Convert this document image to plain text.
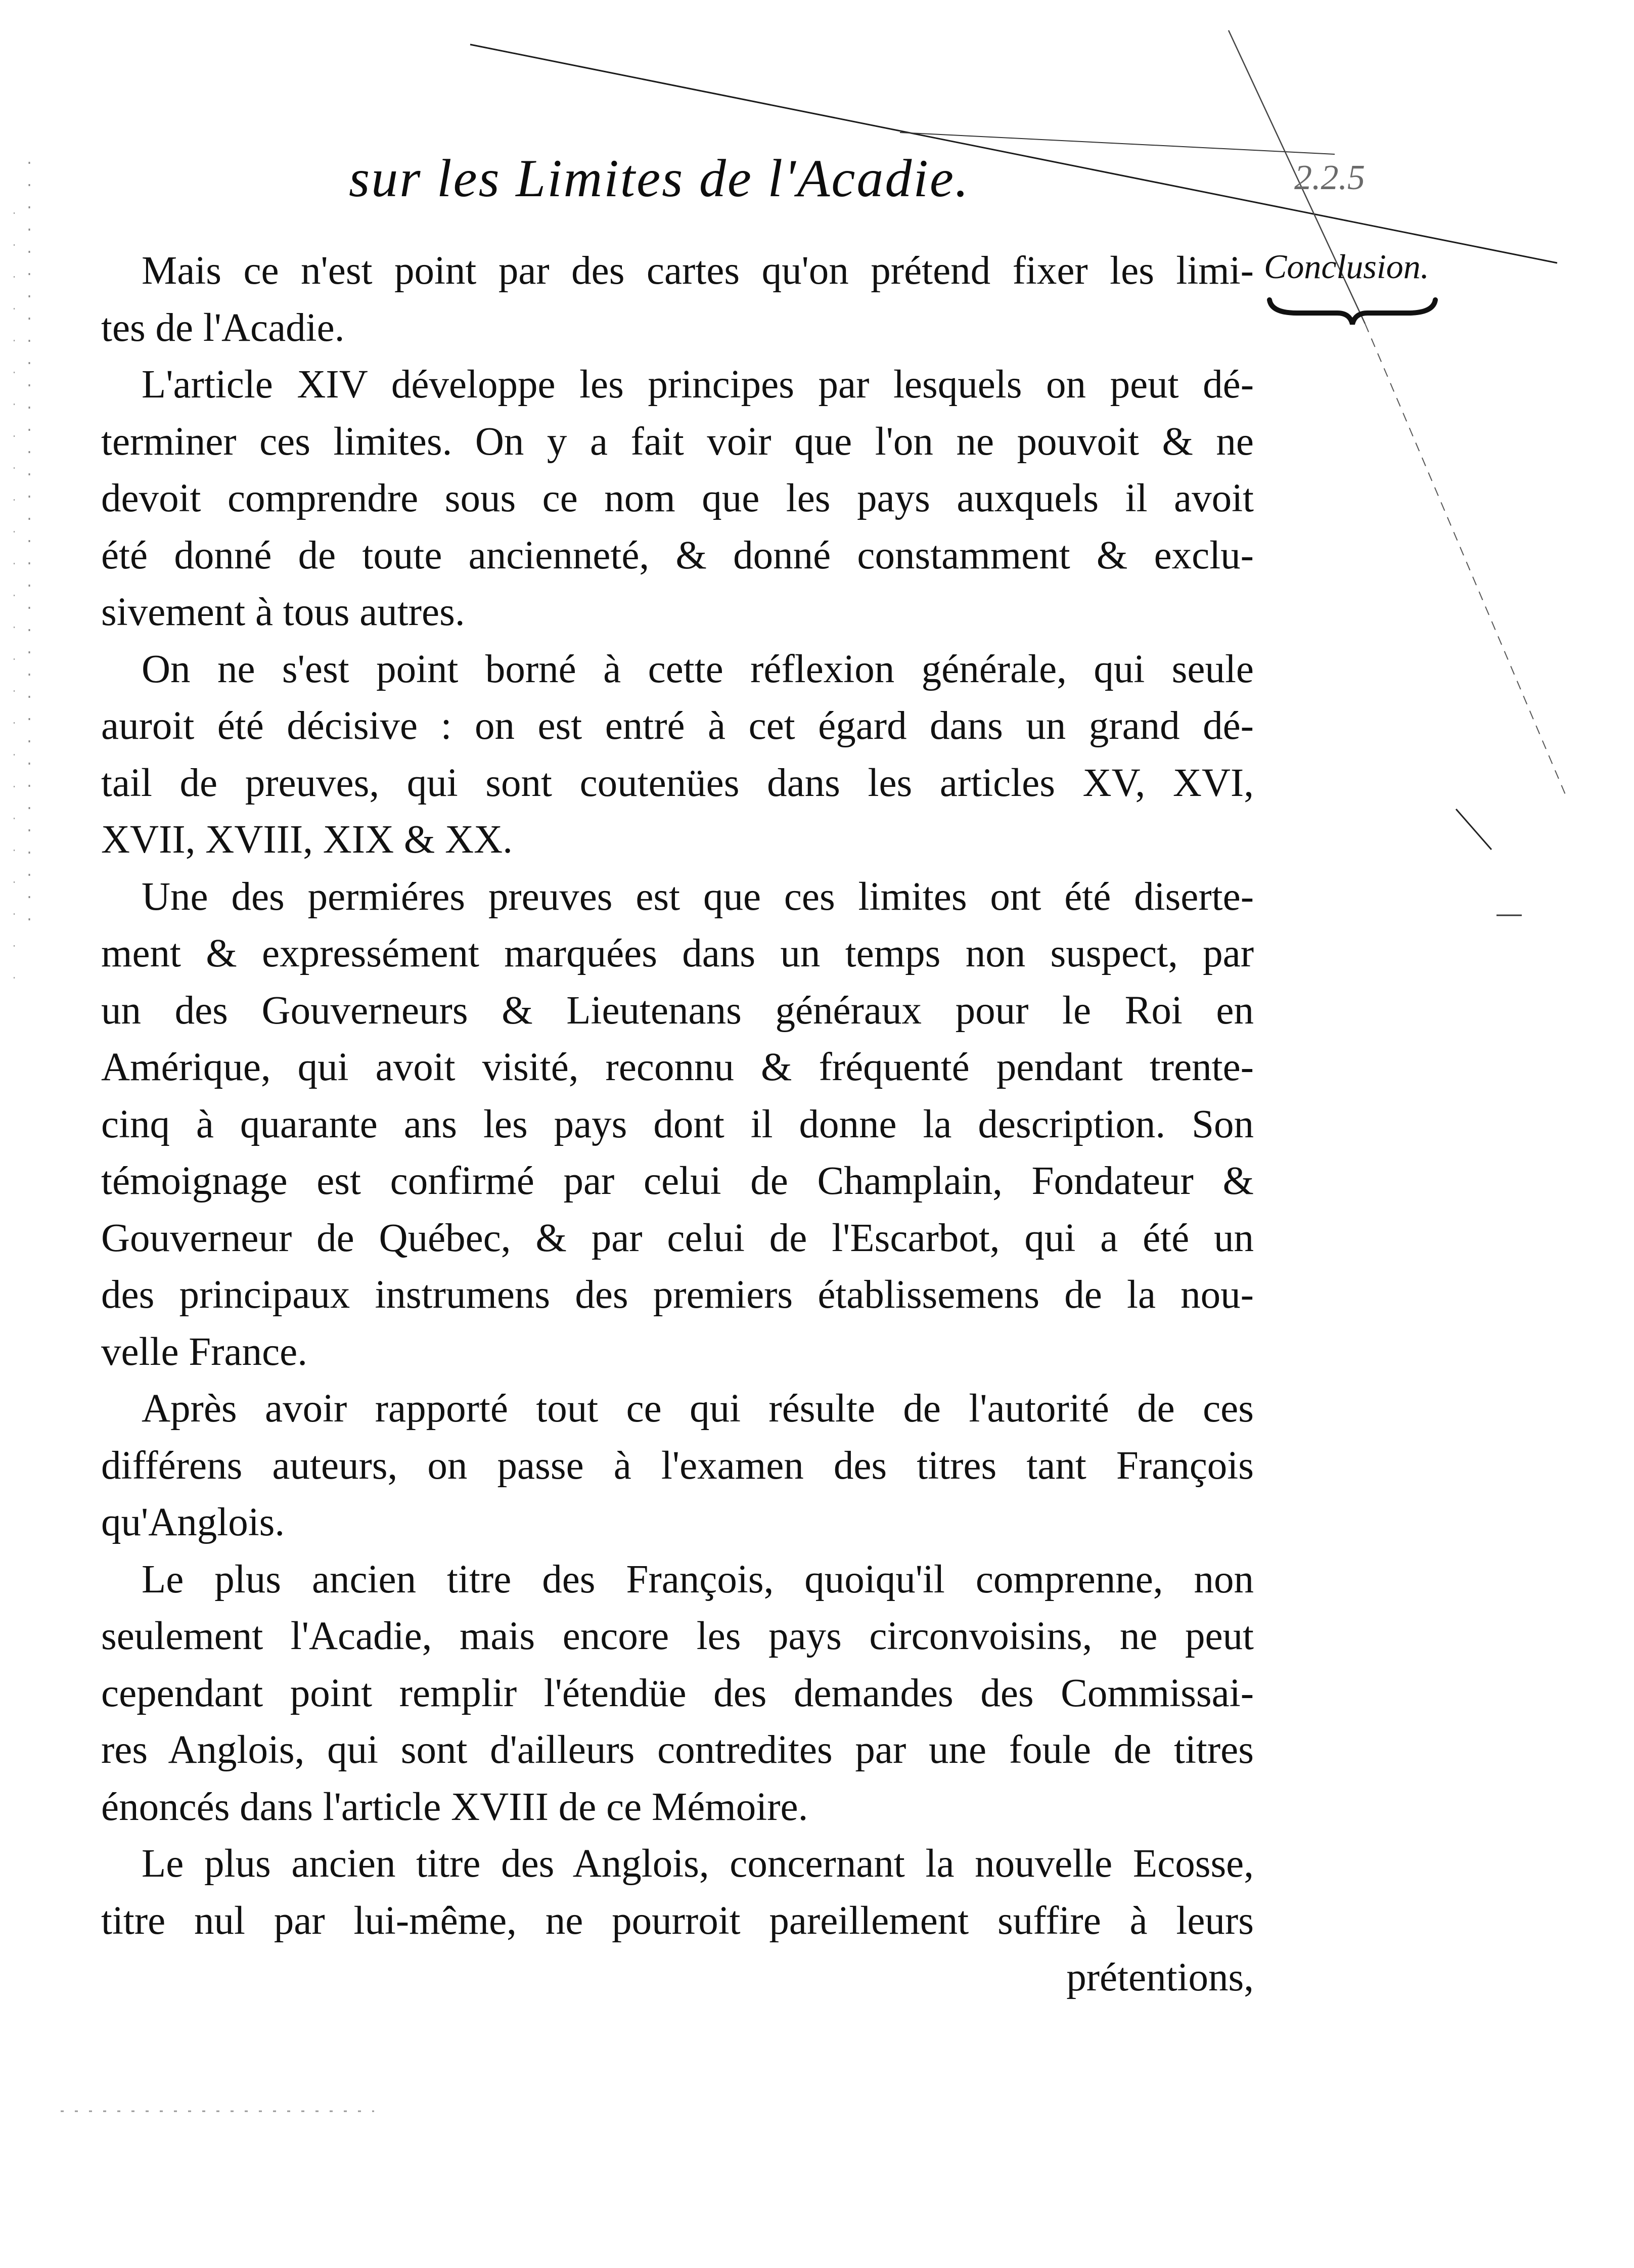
sur les Limites de l'Acadie.	2.2.5
Conclusion.
Mais ce n'est point par des cartes qu'on prétend fixer les limi-
tes de l'Acadie.
L'article XIV développe les principes par lesquels on peut dé-
terminer ces limites. On y a fait voir que l'on ne pouvoit & ne
devoit comprendre sous ce nom que les pays auxquels il avoit
été donné de toute ancienneté, & donné constamment & exclu-
sivement à tous autres.
On ne s'est point borné à cette réflexion générale, qui seule
auroit été décisive : on est entré à cet égard dans un grand dé-
tail de preuves, qui sont coutenües dans les articles XV, XVI,
XVII, XVIII, XIX & XX.
Une des permiéres preuves est que ces limites ont été diserte-
ment & expressément marquées dans un temps non suspect, par
un des Gouverneurs & Lieutenans généraux pour le Roi en
Amérique, qui avoit visité, reconnu & fréquenté pendant trente-
cinq à quarante ans les pays dont il donne la description. Son
témoignage est confirmé par celui de Champlain, Fondateur &
Gouverneur de Québec, & par celui de l'Escarbot, qui a été un
des principaux instrumens des premiers établissemens de la nou-
velle France.
Après avoir rapporté tout ce qui résulte de l'autorité de ces
différens auteurs, on passe à l'examen des titres tant François
qu'Anglois.
Le plus ancien titre des François, quoiqu'il comprenne, non
seulement l'Acadie, mais encore les pays circonvoisins, ne peut
cependant point remplir l'étendüe des demandes des Commissai-
res Anglois, qui sont d'ailleurs contredites par une foule de titres
énoncés dans l'article XVIII de ce Mémoire.
Le plus ancien titre des Anglois, concernant la nouvelle Ecosse,
titre nul par lui-même, ne pourroit pareillement suffire à leurs
prétentions,
